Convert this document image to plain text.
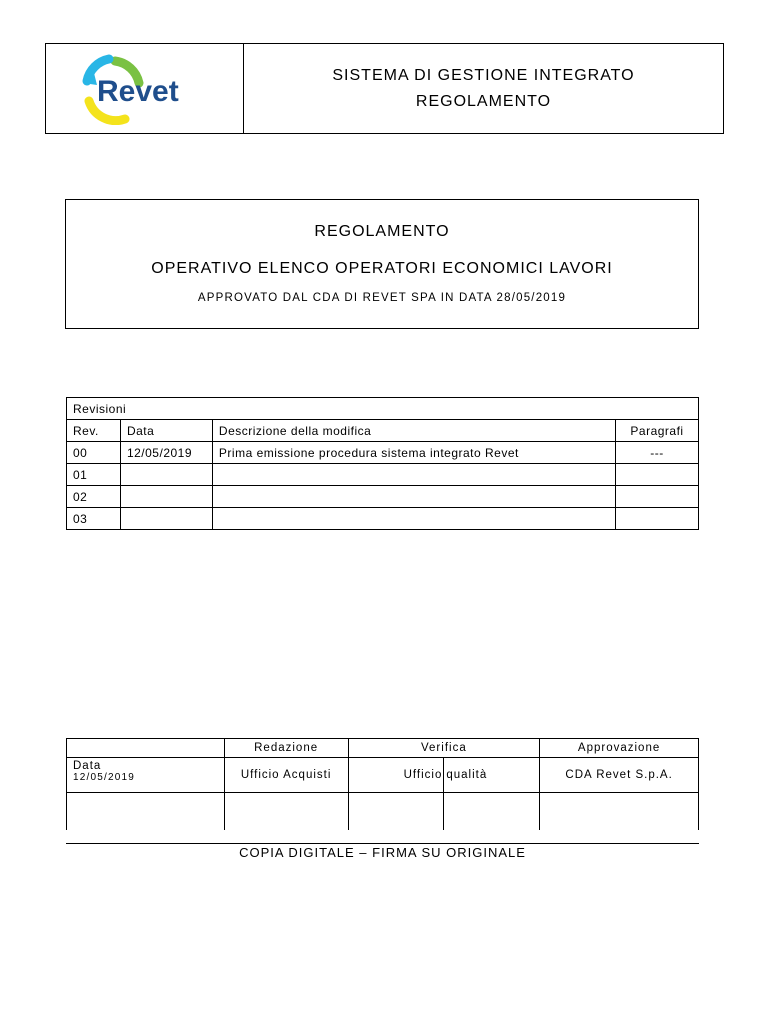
Revet	SISTEMA DI GESTIONE INTEGRATO
REGOLAMENTO
REGOLAMENTO
OPERATIVO ELENCO OPERATORI ECONOMICI LAVORI
APPROVATO DAL CDA DI REVET SPA IN DATA 28/05/2019
Revisioni			
Rev.	Data	Descrizione della modifica	Paragrafi
00	12/05/2019	Prima emissione procedura sistema integrato Revet	---
01			
02			
03			
	Redazione	Verifica		Approvazione

Data
12/05/2019	Ufficio Acquisti	Ufficio	qualità	CDA Revet S.p.A.

COPIA DIGITALE – FIRMA SU ORIGINALE
